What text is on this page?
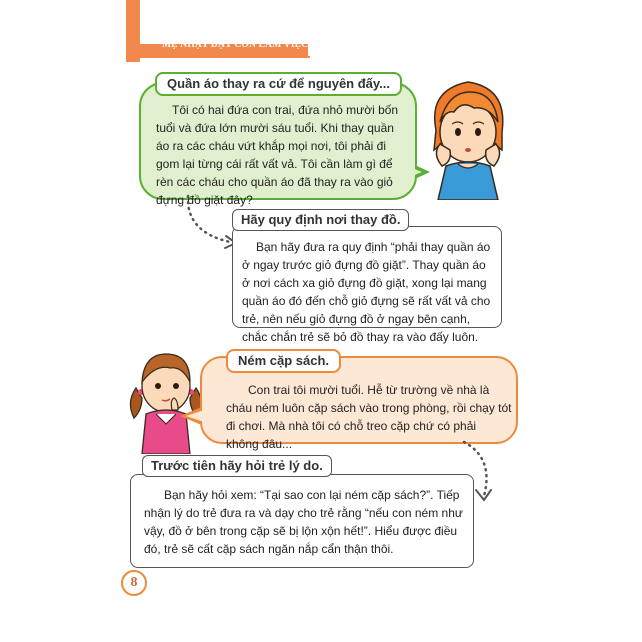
MẸ NHẬT DẠY CON LÀM VIỆC NHÀ
Quần áo thay ra cứ để nguyên đấy...
Tôi có hai đứa con trai, đứa nhỏ mười bốn tuổi và đứa lớn mười sáu tuổi. Khi thay quần áo ra các cháu vứt khắp mọi nơi, tôi phải đi gom lại từng cái rất vất vả. Tôi cần làm gì để rèn các cháu cho quần áo đã thay ra vào giỏ đựng đồ giặt đây?
Hãy quy định nơi thay đồ.
Bạn hãy đưa ra quy định “phải thay quần áo ở ngay trước giỏ đựng đồ giặt”. Thay quần áo ở nơi cách xa giỏ đựng đồ giặt, xong lại mang quần áo đó đến chỗ giỏ đựng sẽ rất vất vả cho trẻ, nên nếu giỏ đựng đồ ở ngay bên cạnh, chắc chắn trẻ sẽ bỏ đồ thay ra vào đấy luôn.
Ném cặp sách.
Con trai tôi mười tuổi. Hễ từ trường về nhà là cháu ném luôn cặp sách vào trong phòng, rồi chạy tót đi chơi. Mà nhà tôi có chỗ treo cặp chứ có phải không đâu...
Trước tiên hãy hỏi trẻ lý do.
Bạn hãy hỏi xem: “Tại sao con lại ném cặp sách?”. Tiếp nhận lý do trẻ đưa ra và dạy cho trẻ rằng “nếu con ném như vậy, đồ ở bên trong cặp sẽ bị lộn xộn hết!”. Hiểu được điều đó, trẻ sẽ cất cặp sách ngăn nắp cẩn thận thôi.
8
